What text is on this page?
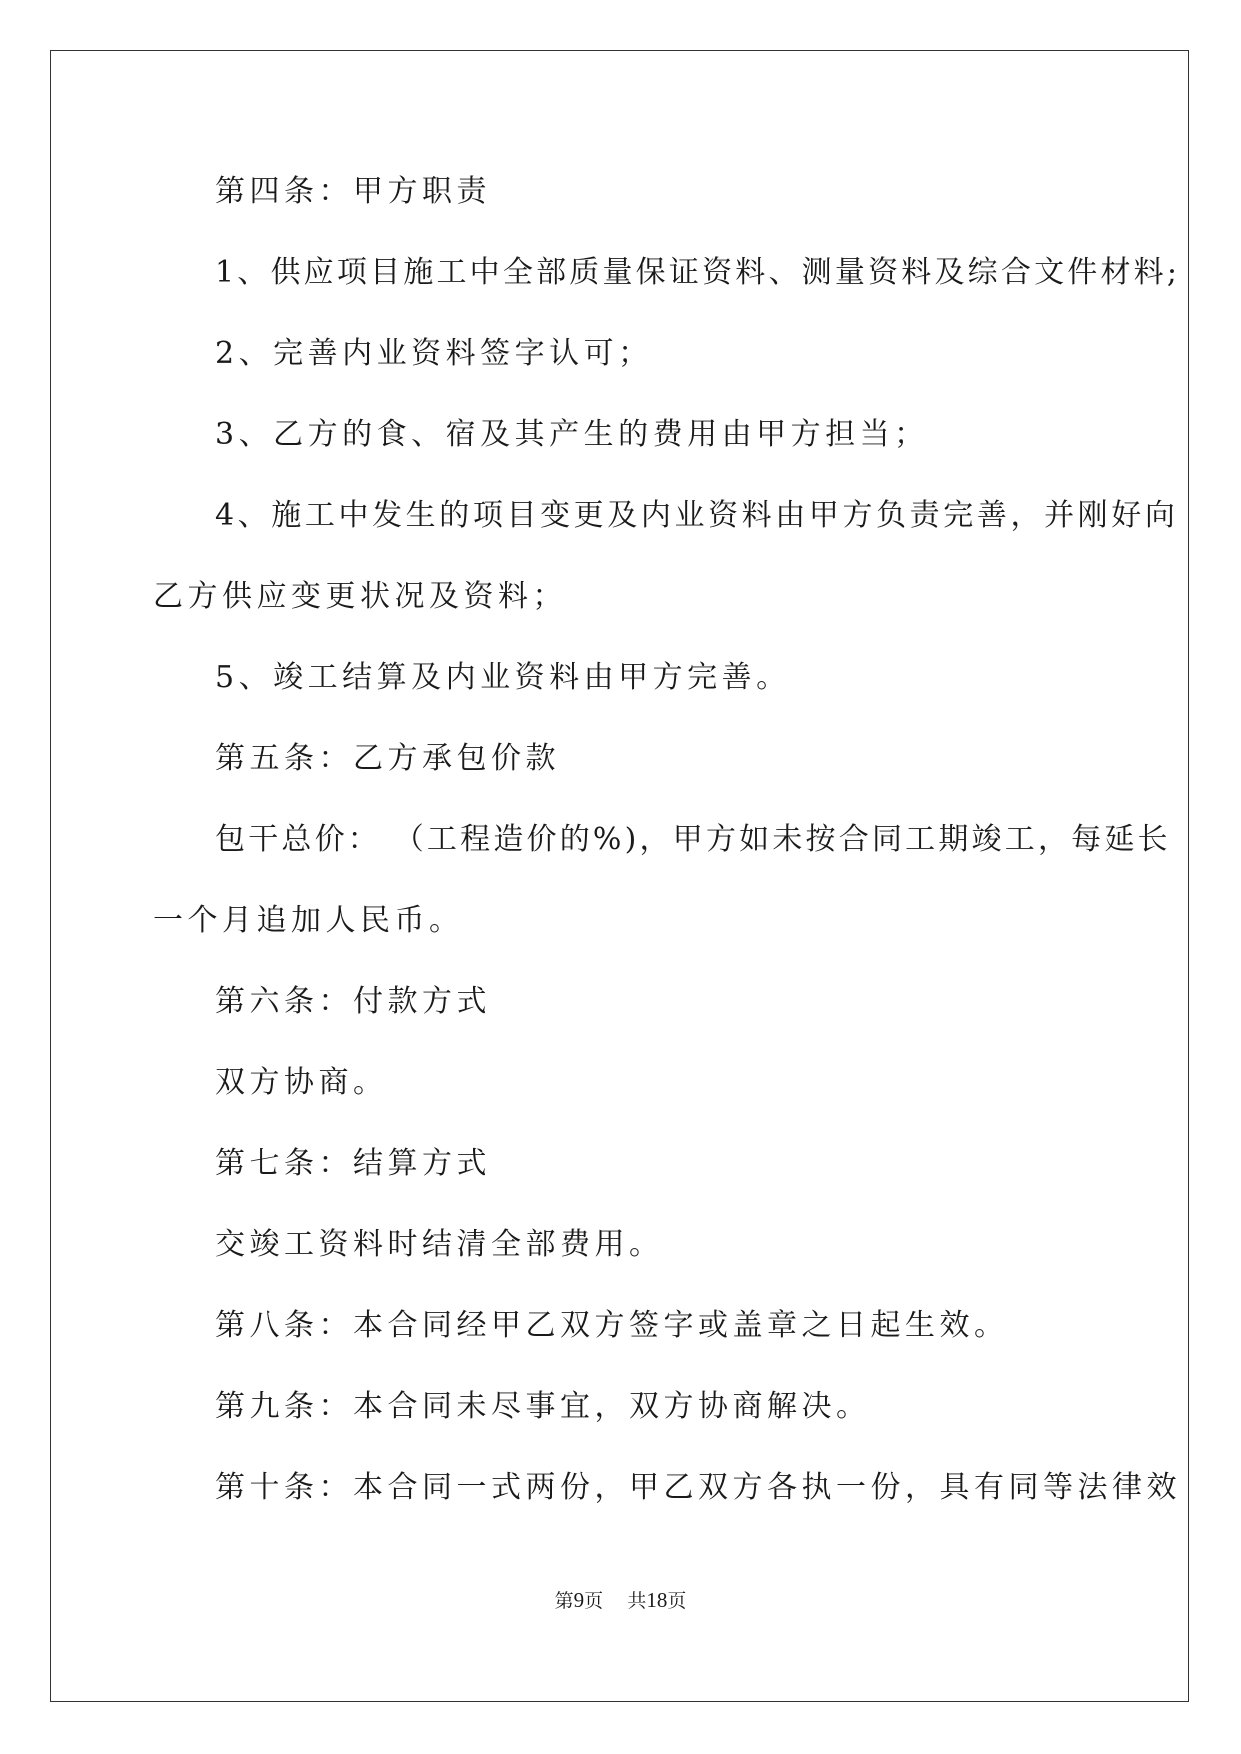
第四条：甲方职责
1、供应项目施工中全部质量保证资料、测量资料及综合文件材料;
2、完善内业资料签字认可；
3、乙方的食、宿及其产生的费用由甲方担当；
4、施工中发生的项目变更及内业资料由甲方负责完善，并刚好向
乙方供应变更状况及资料；
5、竣工结算及内业资料由甲方完善。
第五条：乙方承包价款
包干总价： （工程造价的%)，甲方如未按合同工期竣工，每延长
一个月追加人民币。
第六条：付款方式
双方协商。
第七条：结算方式
交竣工资料时结清全部费用。
第八条：本合同经甲乙双方签字或盖章之日起生效。
第九条：本合同未尽事宜，双方协商解决。
第十条：本合同一式两份，甲乙双方各执一份，具有同等法律效
第9页 共18页
